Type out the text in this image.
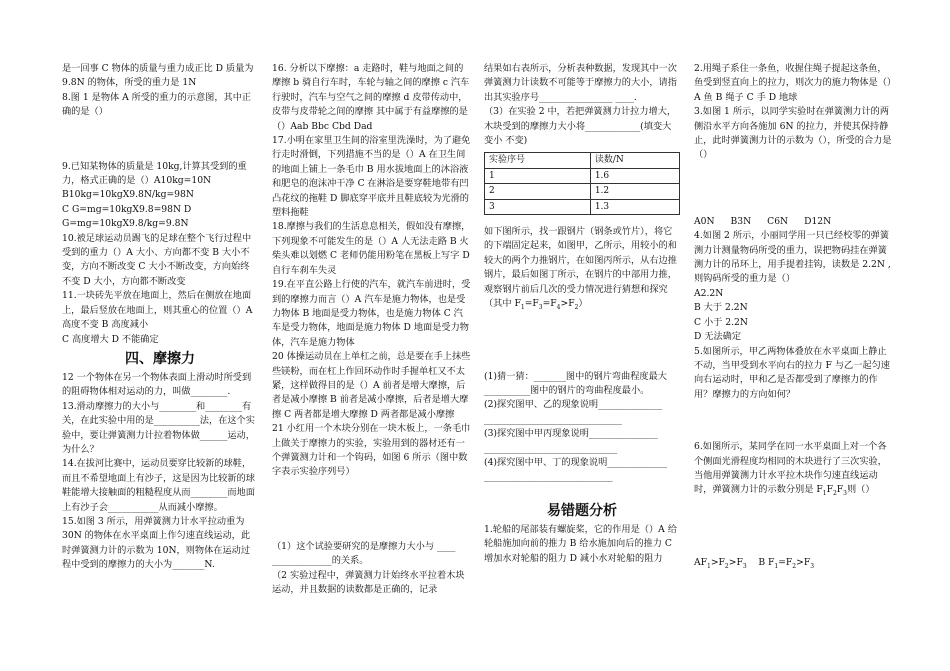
是一回事 C 物体的质量与重力成正比 D 质量为 9.8N 的物体，所受的重力是 1N

8.图 1 是物体 A 所受的重力的示意图，其中正确的是（）

9.已知某物体的质量是 10kg,计算其受到的重力，格式正确的是（）A10kg=10N

B10kg=10kgX9.8N/kg=98N

C G=mg=10kgX9.8=98N D

G=mg=10kgX9.8/kg=9.8N

10.被足球运动员踢飞的足球在整个飞行过程中受到的重力（）A 大小、方向都不变 B 大小不变，方向不断改变 C 大小不断改变，方向始终不变 D 大小，方向都不断改变

11.一块砖先平放在地面上，然后在侧放在地面上，最后竖放在地面上，则其重心的位置（）A 高度不变 B 高度减小

C 高度增大 D 不能确定

四、摩擦力

12 一个物体在另一个物体表面上滑动时所受到的阻碍物体相对运动的力，叫做________.

13.滑动摩擦力的大小与________和________有关，在此实验中用的是__________法，在这个实验中，要让弹簧测力计拉着物体做______运动，为什么？

14.在拔河比赛中，运动员要穿比较新的球鞋，而且不希望地面上有沙子，这是因为比较新的球鞋能增大接触面的粗糙程度从而________而地面上有沙子会___________从而减小摩擦。

15.如图 3 所示，用弹簧测力计水平拉动重为 30N 的物体在水平桌面上作匀速直线运动，此时弹簧测力计的示数为 10N，则物体在运动过程中受到的摩擦力的大小为_______N.

16. 分析以下摩擦：a 走路时，鞋与地面之间的摩擦 b 骑自行车时，车轮与轴之间的摩擦 c 汽车行驶时，汽车与空气之间的摩擦 d 皮带传动中，皮带与皮带轮之间的摩擦 其中属于有益摩擦的是（）Aab Bbc Cbd Dad

17.小明在家里卫生间的浴室里洗澡时，为了避免行走时滑倒，下列措施不当的是（）A 在卫生间的地面上铺上一条毛巾 B 用水拔地面上的沐浴液和肥皂的泡沫冲干净 C 在淋浴是要穿鞋地带有凹凸花纹的拖鞋 D 脚底穿平底并且鞋底较为光滑的塑料拖鞋

18.摩擦与我们的生活息息相关，假如没有摩擦，下列现象不可能发生的是（）A 人无法走路 B 火柴头难以划燃 C 老师仍能用粉笔在黑板上写字 D 自行车刹车失灵

19.在平直公路上行使的汽车，就汽车前进时，受到的摩擦力而言（）A 汽车是施力物体，也是受力物体 B 地面是受力物体，也是施力物体 C 汽车是受力物体，地面是施力物体 D 地面是受力物体，汽车是施力物体

20 体操运动员在上单杠之前，总是要在手上抹些些镁粉，而在杠上作回环动作时手握单杠又不太紧，这样做得目的是（）A 前者是增大摩擦，后者是减小摩擦 B 前者是减小摩擦，后者是增大摩擦 C 两者都是增大摩擦 D 两者都是减小摩擦

21 小红用一个木块分别在一块木板上，一条毛巾上做关于摩擦力的实验，实验用到的器材还有一个弹簧测力计和一个钩码，如图 6 所示（图中数字表示实验序列号）

（1）这个试验要研究的是摩擦力大小与 ____ _____________的关系。

（2 实验过程中，弹簧测力计始终水平拉着木块运动，并且数据的读数都是正确的，记录

结果如右表所示，分析表种数据，发现其中一次弹簧测力计读数不可能等于摩擦力的大小，请指出其实验序号________________ ____.

（3）在实验 2 中，若把弹簧测力计拉力增大，木块受到的摩擦力大小将____________(填变大 变小 不变)

实验序号	读数/N
1	1.6
2	1.2
3	1.3

如下图所示，找一跟钢片（钢条或竹片），将它的下端固定起来，如图甲，乙所示，用较小的和较大的两个力推钢片，在如图丙所示，从右边推钢片，最后如图丁所示，在钢片的中部用力推，观察钢片前后几次的受力情况进行猜想和探究（其中 $F_1=F_3=F_4>F_2$）

(1)猜一猜：_______图中的钢片弯曲程度最大__________图中的钢片的弯曲程度最小。

(2)探究图甲、乙的现象说明______________ ______________________________

(3)探究图中甲丙现象说明_______________ _____________________________

(4)探究图中甲、丁的现象说明_____________ ____________________________

易错题分析

1.轮船的尾部装有螺旋桨，它的作用是（）A 给轮船施加向前的推力 B 给水施加向后的推力 C 增加水对轮船的阻力 D 减小水对轮船的阻力

2.用绳子系住一条鱼，收握住绳子提起这条鱼，鱼受到竖直向上的拉力，则次力的施力物体是（）A 鱼 B 绳子 C 手 D 地球

3.如图 1 所示，以同学实验时在弹簧测力计的两侧沿水平方向各施加 6N 的拉力，并使其保持静止，此时弹簧测力计的示数为（），所受的合力是（）

A0N B3N C6N D12N

4.如图 2 所示，小丽同学用一只已经校零的弹簧测力计测量物码所受的重力，误把物码挂在弹簧测力计的吊环上，用手提着挂钩，读数是 2.2N ,则钩码所受的重力是（）

A2.2N

B 大于 2.2N

C 小于 2.2N

D 无法确定

5.如图所示，甲乙两物体叠放在水平桌面上静止不动，当甲受到水平向右的拉力 F 与乙一起匀速向右运动时，甲和乙是否都受到了摩擦力的作用？摩擦力的方向如何？

6.如图所示，某同学在同一水平桌面上对一个各个侧面光滑程度均相同的木块进行了三次实验，当他用弹簧测力计水平拉木块作匀速直线运动时，弹簧测力计的示数分别是 $F_1F_2F_3$则（）

$AF_1>F_2>F_3$    B $F_1=F_2>F_3$
